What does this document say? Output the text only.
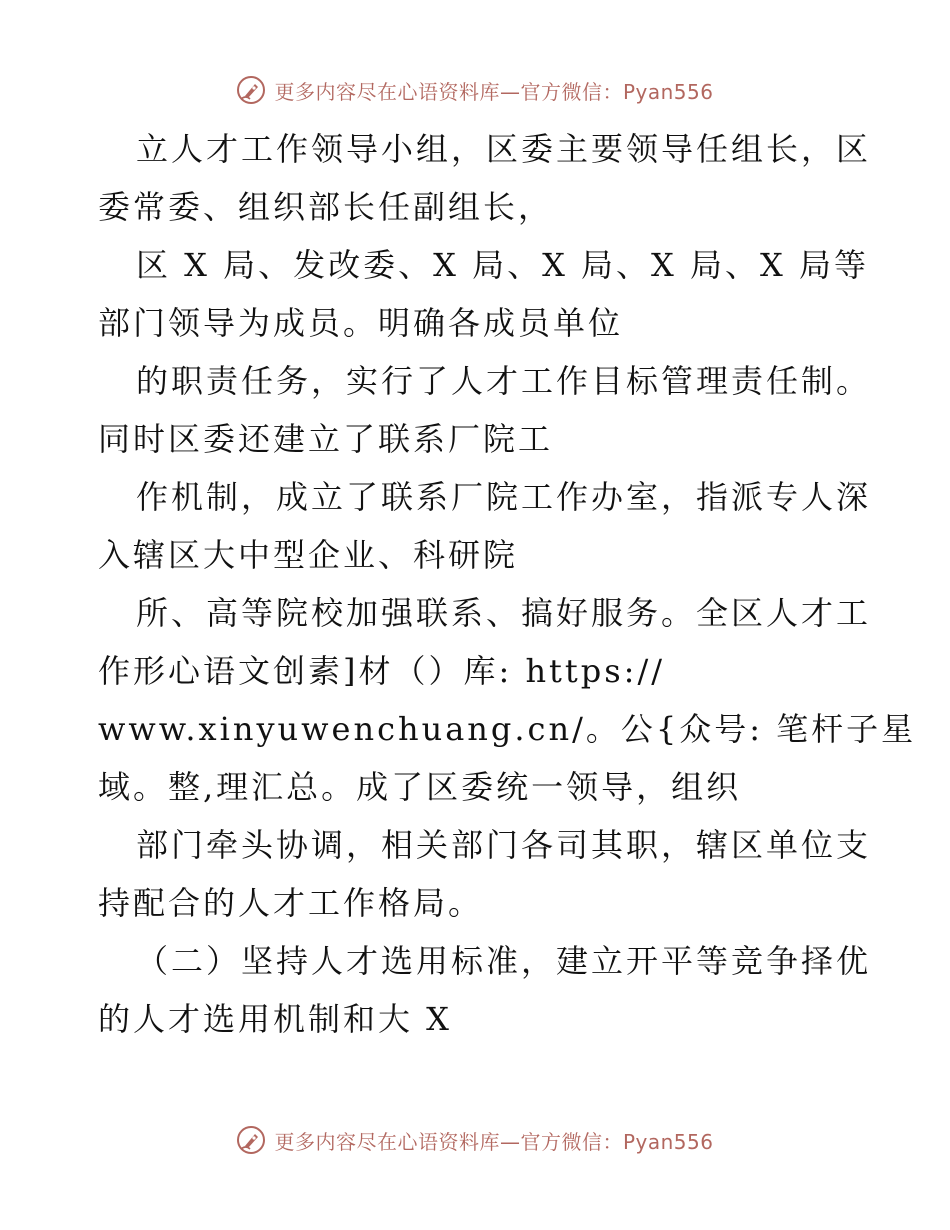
更多内容尽在心语资料库—官方微信：Pyan556
立人才工作领导小组，区委主要领导任组长，区
委常委、组织部长任副组长，
区 X 局、发改委、X 局、X 局、X 局、X 局等
部门领导为成员。明确各成员单位
的职责任务，实行了人才工作目标管理责任制。
同时区委还建立了联系厂院工
作机制，成立了联系厂院工作办室，指派专人深
入辖区大中型企业、科研院
所、高等院校加强联系、搞好服务。全区人才工
作形心语文创素]材（）库: https://
www.xinyuwenchuang.cn/。公{众号: 笔杆子星
域。整,理汇总。成了区委统一领导，组织
部门牵头协调，相关部门各司其职，辖区单位支
持配合的人才工作格局。
（二）坚持人才选用标准，建立开平等竞争择优
的人才选用机制和大 X
更多内容尽在心语资料库—官方微信：Pyan556
